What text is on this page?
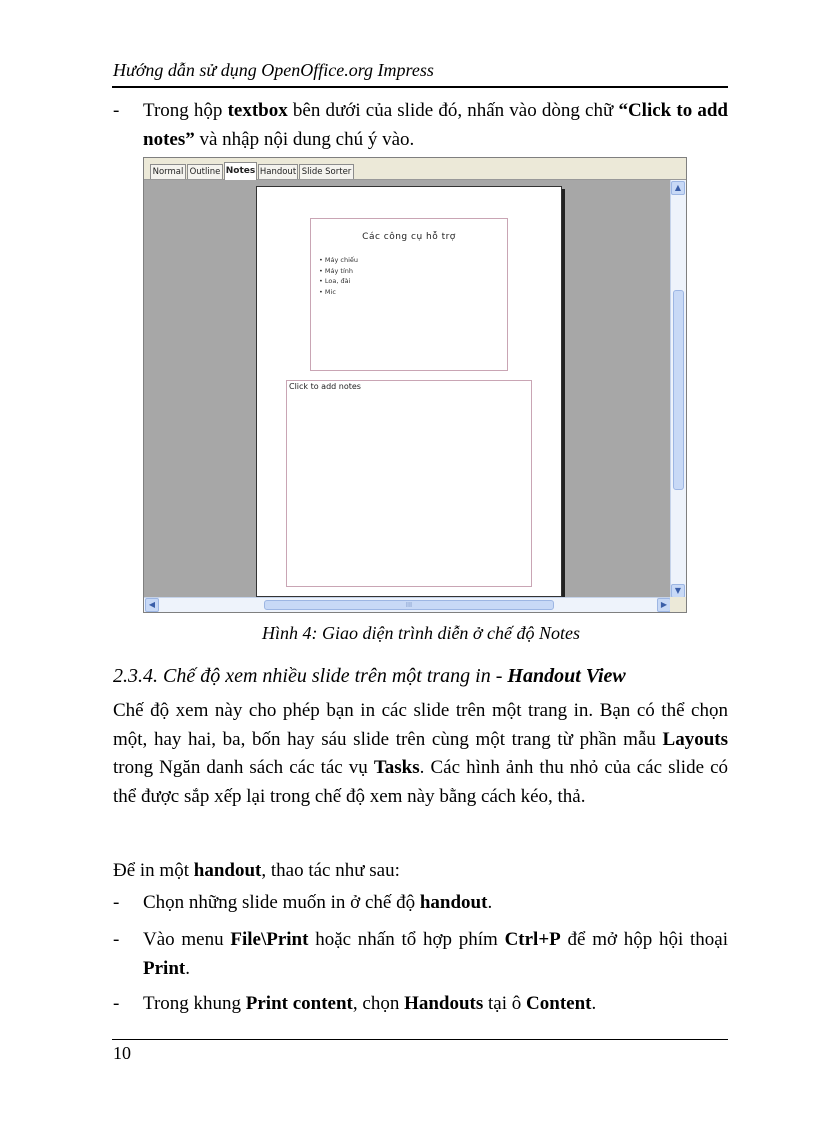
Hướng dẫn sử dụng OpenOffice.org Impress
- Trong hộp textbox bên dưới của slide đó, nhấn vào dòng chữ “Click to add notes” và nhập nội dung chú ý vào.
Normal Outline Notes Handout Slide Sorter
Các công cụ hỗ trợ
• Máy chiếu
• Máy tính
• Loa, đài
• Mic
Click to add notes
▲
▼
◀	III	▶
Hình 4: Giao diện trình diễn ở chế độ Notes
2.3.4. Chế độ xem nhiều slide trên một trang in - Handout View
Chế độ xem này cho phép bạn in các slide trên một trang in. Bạn có thể chọn một, hay hai, ba, bốn hay sáu slide trên cùng một trang từ phần mẫu Layouts trong Ngăn danh sách các tác vụ Tasks. Các hình ảnh thu nhỏ của các slide có thể được sắp xếp lại trong chế độ xem này bằng cách kéo, thả.
Để in một handout, thao tác như sau:
- Chọn những slide muốn in ở chế độ handout.
- Vào menu File\Print hoặc nhấn tổ hợp phím Ctrl+P để mở hộp hội thoại Print.
- Trong khung Print content, chọn Handouts tại ô Content.
10
